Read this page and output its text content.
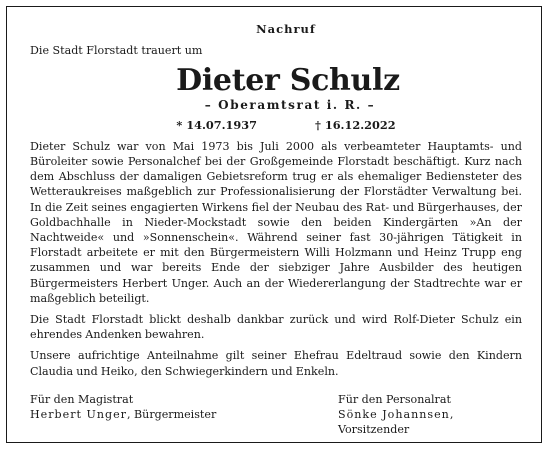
Nachruf

Die Stadt Florstadt trauert um

Dieter Schulz

– Oberamtsrat i. R. –

* 14.07.1937	† 16.12.2022

Dieter Schulz war von Mai 1973 bis Juli 2000 als verbeamteter Hauptamts- und Büroleiter sowie Personalchef bei der Großgemeinde Florstadt beschäftigt. Kurz nach dem Abschluss der damaligen Gebietsreform trug er als ehemaliger Bediensteter des Wetteraukreises maßgeblich zur Professionalisierung der Florstädter Verwaltung bei. In die Zeit seines engagierten Wirkens fiel der Neubau des Rat- und Bürgerhauses, der Goldbachhalle in Nieder-Mockstadt sowie den beiden Kindergärten »An der Nachtweide« und »Sonnenschein«. Während seiner fast 30-jährigen Tätigkeit in Florstadt arbeitete er mit den Bürgermeistern Willi Holzmann und Heinz Trupp eng zusammen und war bereits Ende der siebziger Jahre Ausbilder des heutigen Bürgermeisters Herbert Unger. Auch an der Wiedererlangung der Stadtrechte war er maßgeblich beteiligt.

Die Stadt Florstadt blickt deshalb dankbar zurück und wird Rolf-Dieter Schulz ein ehrendes Andenken bewahren.

Unsere aufrichtige Anteilnahme gilt seiner Ehefrau Edeltraud sowie den Kindern Claudia und Heiko, den Schwiegerkindern und Enkeln.

Für den Magistrat
Herbert Unger, Bürgermeister
Für den Personalrat
Sönke Johannsen, Vorsitzender
